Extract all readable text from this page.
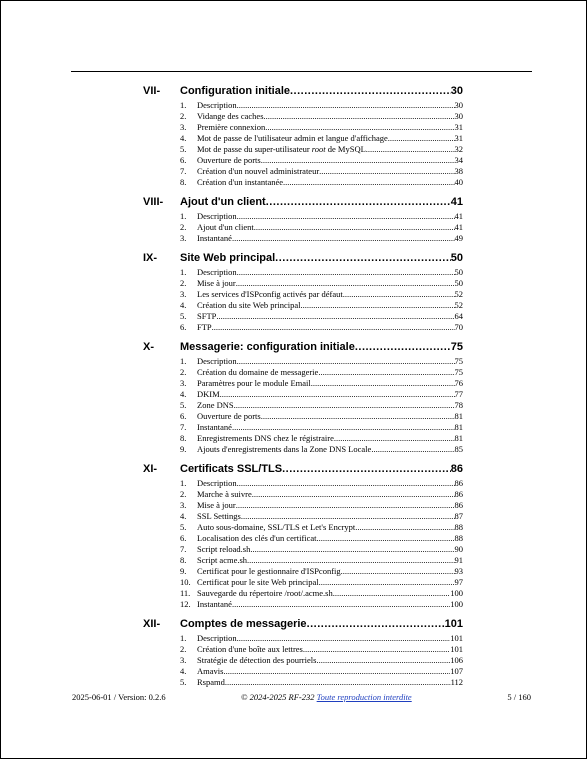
VII- Configuration initiale .....	30
1. Description .....	30
2. Vidange des caches .....	30
3. Première connexion .....	31
4. Mot de passe de l'utilisateur admin et langue d'affichage .....	31
5. Mot de passe du super-utilisateur root de MySQL .....	32
6. Ouverture de ports .....	34
7. Création d'un nouvel administrateur .....	38
8. Création d'un instantanée .....	40
VIII- Ajout d'un client .....	41
1. Description .....	41
2. Ajout d'un client .....	41
3. Instantané .....	49
IX- Site Web principal .....	50
1. Description .....	50
2. Mise à jour .....	50
3. Les services d'ISPconfig activés par défaut .....	52
4. Création du site Web principal .....	52
5. SFTP .....	64
6. FTP .....	70
X- Messagerie: configuration initiale .....	75
1. Description .....	75
2. Création du domaine de messagerie .....	75
3. Paramètres pour le module Email .....	76
4. DKIM .....	77
5. Zone DNS .....	78
6. Ouverture de ports .....	81
7. Instantané .....	81
8. Enregistrements DNS chez le régistraire .....	81
9. Ajouts d'enregistrements dans la Zone DNS Locale .....	85
XI- Certificats SSL/TLS .....	86
1. Description .....	86
2. Marche à suivre .....	86
3. Mise à jour .....	86
4. SSL Settings .....	87
5. Auto sous-domaine, SSL/TLS et Let's Encrypt .....	88
6. Localisation des clés d'un certificat .....	88
7. Script reload.sh .....	90
8. Script acme.sh .....	91
9. Certificat pour le gestionnaire d'ISPconfig .....	93
10. Certificat pour le site Web principal .....	97
11. Sauvegarde du répertoire /root/.acme.sh .....	100
12. Instantané .....	100
XII- Comptes de messagerie .....	101
1. Description .....	101
2. Création d'une boîte aux lettres .....	101
3. Stratégie de détection des pourriels .....	106
4. Amavis .....	107
5. Rspamd .....	112
2025-06-01 / Version: 0.2.6	© 2024-2025 RF-232 Toute reproduction interdite	5 / 160
